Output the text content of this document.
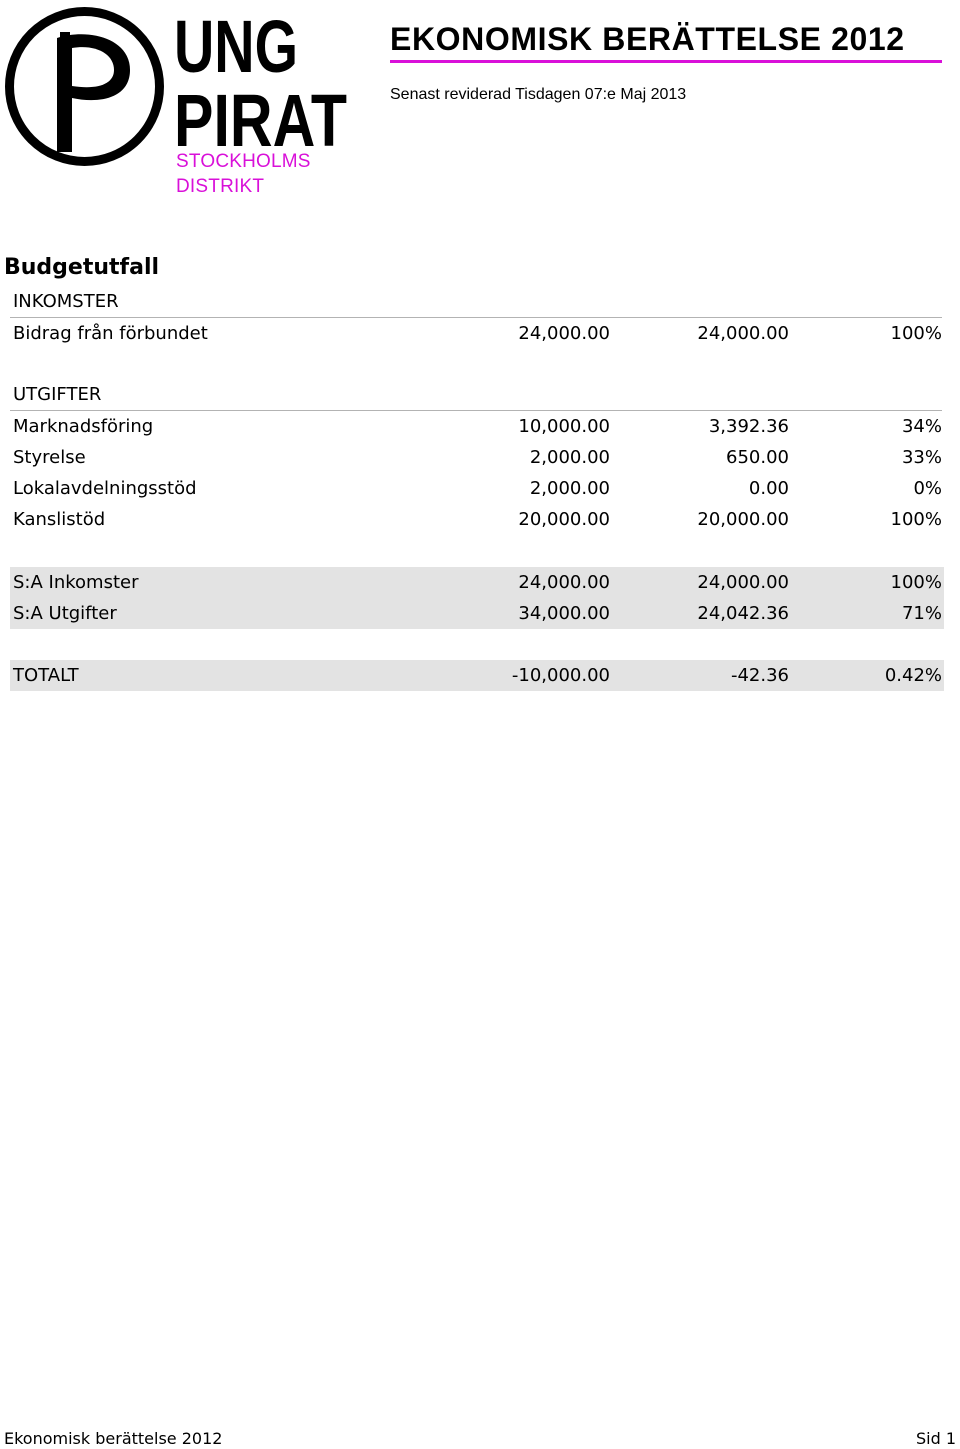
UNG
PIRAT
STOCKHOLMS
DISTRIKT
EKONOMISK BERÄTTELSE 2012
Senast reviderad Tisdagen 07:e Maj 2013
Budgetutfall
INKOMSTER
Bidrag från förbundet	24,000.00	24,000.00	100%
UTGIFTER
Marknadsföring	10,000.00	3,392.36	34%
Styrelse	2,000.00	650.00	33%
Lokalavdelningsstöd	2,000.00	0.00	0%
Kanslistöd	20,000.00	20,000.00	100%
S:A Inkomster	24,000.00	24,000.00	100%
S:A Utgifter	34,000.00	24,042.36	71%
TOTALT	-10,000.00	-42.36	0.42%
Ekonomisk berättelse 2012	Sid 1
